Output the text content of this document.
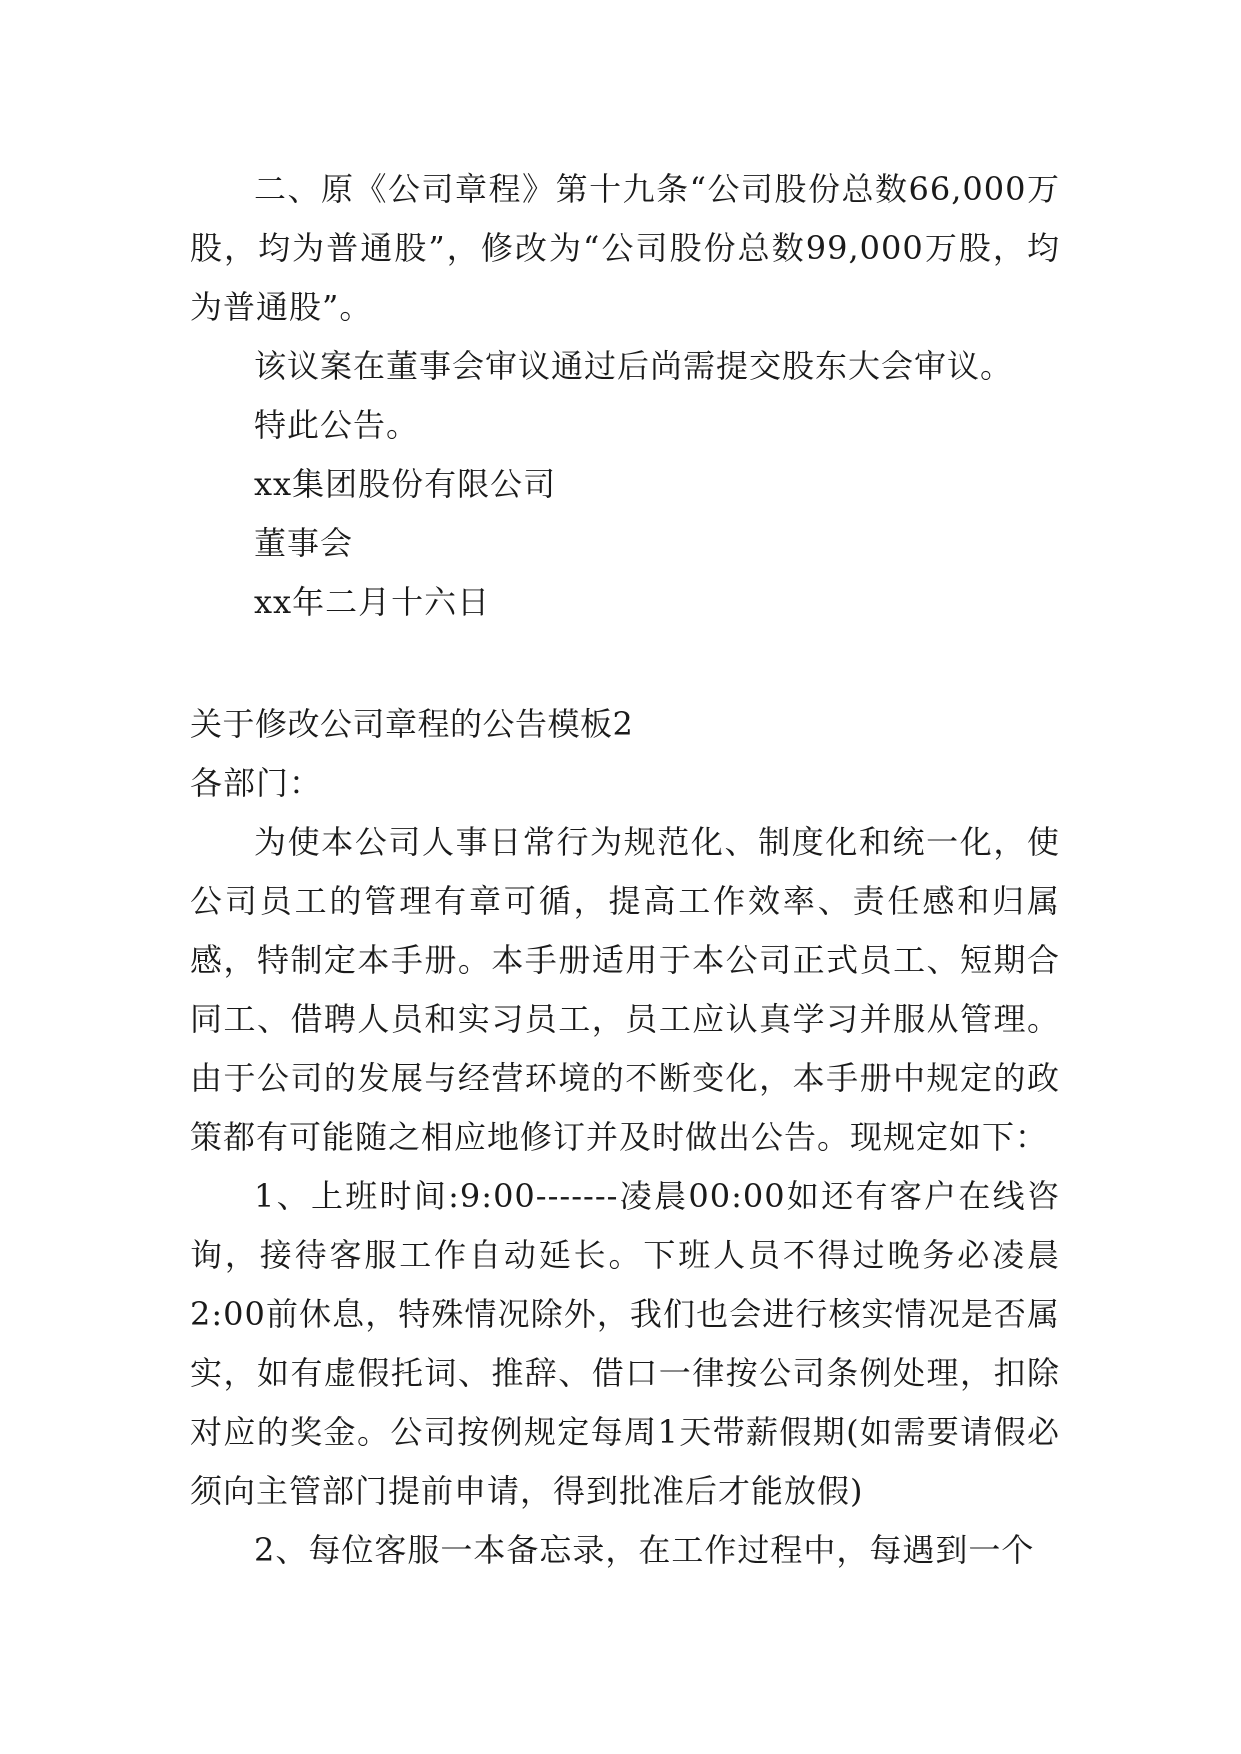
二、原《公司章程》第十九条“公司股份总数66,000万股，均为普通股”，修改为“公司股份总数99,000万股，均为普通股”。

该议案在董事会审议通过后尚需提交股东大会审议。

特此公告。

xx集团股份有限公司

董事会

xx年二月十六日

关于修改公司章程的公告模板2

各部门：

为使本公司人事日常行为规范化、制度化和统一化，使公司员工的管理有章可循，提高工作效率、责任感和归属感，特制定本手册。本手册适用于本公司正式员工、短期合同工、借聘人员和实习员工，员工应认真学习并服从管理。由于公司的发展与经营环境的不断变化，本手册中规定的政策都有可能随之相应地修订并及时做出公告。现规定如下：

1、上班时间:9:00-------凌晨00:00如还有客户在线咨询，接待客服工作自动延长。下班人员不得过晚务必凌晨2:00前休息，特殊情况除外，我们也会进行核实情况是否属实，如有虚假托词、推辞、借口一律按公司条例处理，扣除对应的奖金。公司按例规定每周1天带薪假期(如需要请假必须向主管部门提前申请，得到批准后才能放假)

2、每位客服一本备忘录，在工作过程中，每遇到一个
